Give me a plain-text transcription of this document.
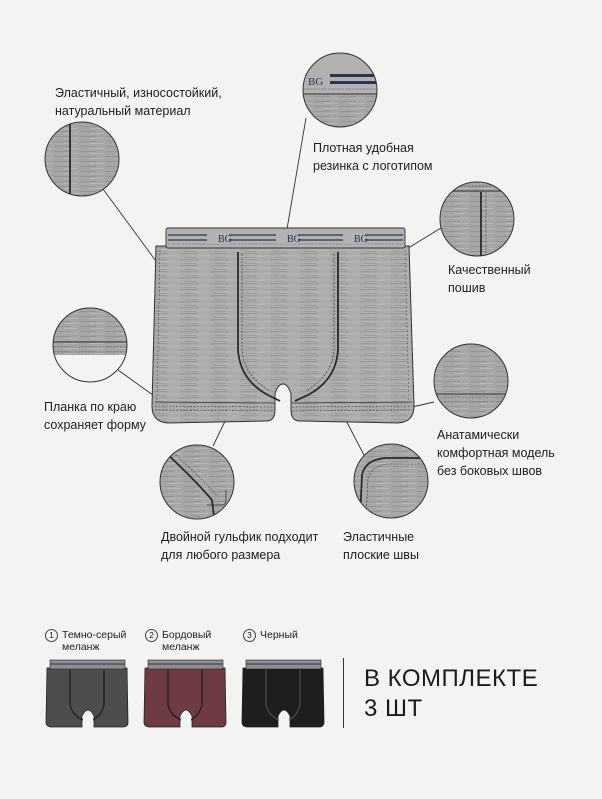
BG	BG	BG
BG
Эластичный, износостойкий,
натуральный материал
Плотная удобная
резинка с логотипом
Качественный
пошив
Планка по краю
сохраняет форму
Анатамически
комфортная модель
без боковых швов
Двойной гульфик подходит
для любого размера
Эластичные
плоские швы
1 Темно-серый
меланж
2 Бордовый
меланж
3 Черный
В КОМПЛЕКТЕ
3 ШТ
